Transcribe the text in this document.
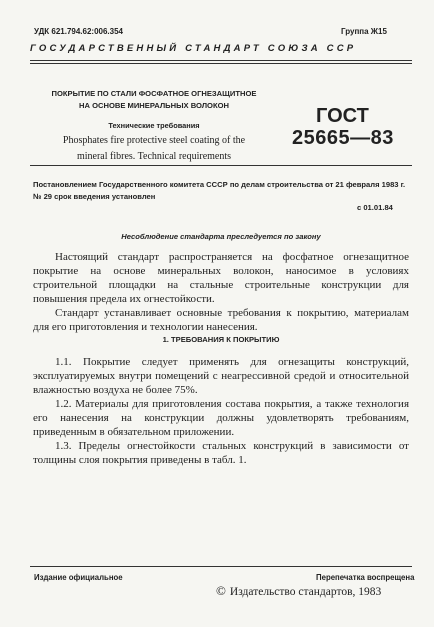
УДК 621.794.62:006.354	Группа Ж15
ГОСУДАРСТВЕННЫЙ СТАНДАРТ СОЮЗА ССР
ПОКРЫТИЕ ПО СТАЛИ ФОСФАТНОЕ ОГНЕЗАЩИТНОЕ
НА ОСНОВЕ МИНЕРАЛЬНЫХ ВОЛОКОН
Технические требования
Phosphates fire protective steel coating of the
mineral fibres. Technical requirements
ГОСТ
25665—83
Постановлением Государственного комитета СССР по делам строительства от 21 февраля 1983 г. № 29 срок введения установлен
с 01.01.84
Несоблюдение стандарта преследуется по закону
Настоящий стандарт распространяется на фосфатное огнезащитное покрытие на основе минеральных волокон, наносимое в условиях строительной площадки на стальные строительные конструкции для повышения предела их огнестойкости.
Стандарт устанавливает основные требования к покрытию, материалам для его приготовления и технологии нанесения.
1. ТРЕБОВАНИЯ К ПОКРЫТИЮ
1.1. Покрытие следует применять для огнезащиты конструкций, эксплуатируемых внутри помещений с неагрессивной средой и относительной влажностью воздуха не более 75%.
1.2. Материалы для приготовления состава покрытия, а также технология его нанесения на конструкции должны удовлетворять требованиям, приведенным в обязательном приложении.
1.3. Пределы огнестойкости стальных конструкций в зависимости от толщины слоя покрытия приведены в табл. 1.
Издание официальное	Перепечатка воспрещена
© Издательство стандартов, 1983
